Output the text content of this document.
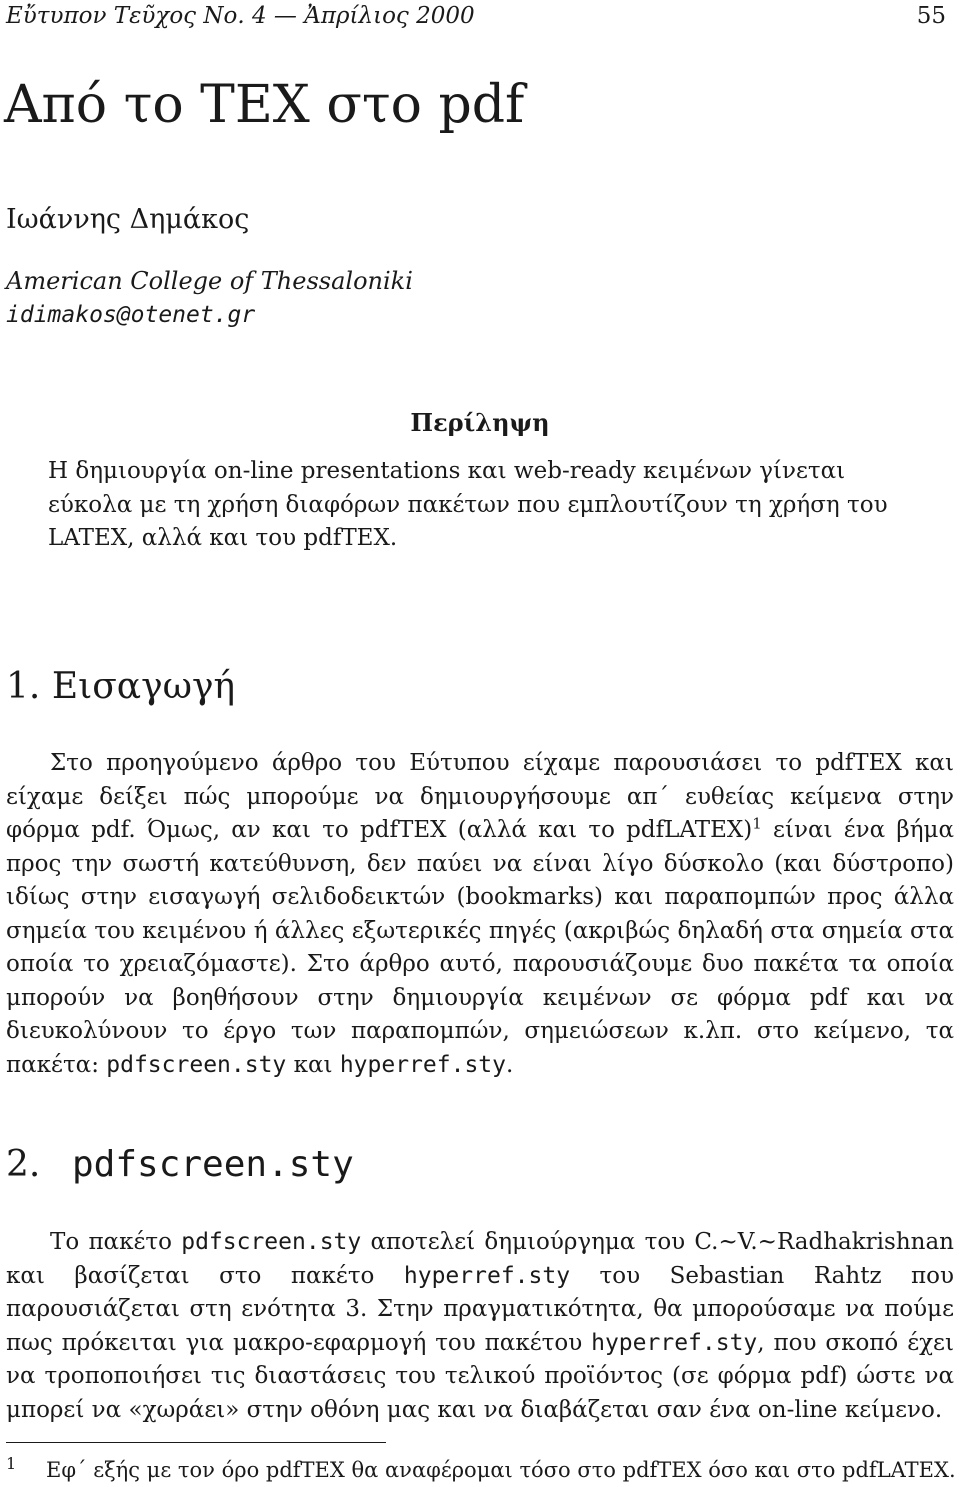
Εὔτυπον Τεῦχος Νο. 4 — Ἀπρίλιος 2000	55
Από το TEX στο pdf
Ιωάννης Δημάκος
American College of Thessaloniki
idimakos@otenet.gr
Περίληψη
Η δημιουργία on-line presentations και web-ready κειμένων γίνεται εύκολα με τη χρήση διαφόρων πακέτων που εμπλουτίζουν τη χρήση του LATEX, αλλά και του pdfTEX.
1. Εισαγωγή
Στο προηγούμενο άρθρο του Εύτυπου είχαμε παρουσιάσει το pdfTEX και είχαμε δείξει πώς μπορούμε να δημιουργήσουμε απ΄ ευθείας κείμενα στην φόρμα pdf. Όμως, αν και το pdfTEX (αλλά και το pdfLATEX)$^1$ είναι ένα βήμα προς την σωστή κατεύθυνση, δεν παύει να είναι λίγο δύσκολο (και δύστροπο) ιδίως στην εισαγωγή σελιδοδεικτών (bookmarks) και παραπομπών προς άλλα σημεία του κειμένου ή άλλες εξωτερικές πηγές (ακριβώς δηλαδή στα σημεία στα οποία το χρειαζόμαστε). Στο άρθρο αυτό, παρουσιάζουμε δυο πακέτα τα οποία μπορούν να βοηθήσουν στην δημιουργία κειμένων σε φόρμα pdf και να διευκολύνουν το έργο των παραπομπών, σημειώσεων κ.λπ. στο κείμενο, τα πακέτα: pdfscreen.sty και hyperref.sty.
2. pdfscreen.sty
Το πακέτο pdfscreen.sty αποτελεί δημιούργημα του C.~V.~Radhakrishnan και βασίζεται στο πακέτο hyperref.sty του Sebastian Rahtz που παρουσιάζεται στη ενότητα 3. Στην πραγματικότητα, θα μπορούσαμε να πούμε πως πρόκειται για μακρο-εφαρμογή του πακέτου hyperref.sty, που σκοπό έχει να τροποποιήσει τις διαστάσεις του τελικού προϊόντος (σε φόρμα pdf) ώστε να μπορεί να «χωράει» στην οθόνη μας και να διαβάζεται σαν ένα on-line κείμενο.
1 Εφ΄ εξής με τον όρο pdfTEX θα αναφέρομαι τόσο στο pdfTEX όσο και στο pdfLATEX.
